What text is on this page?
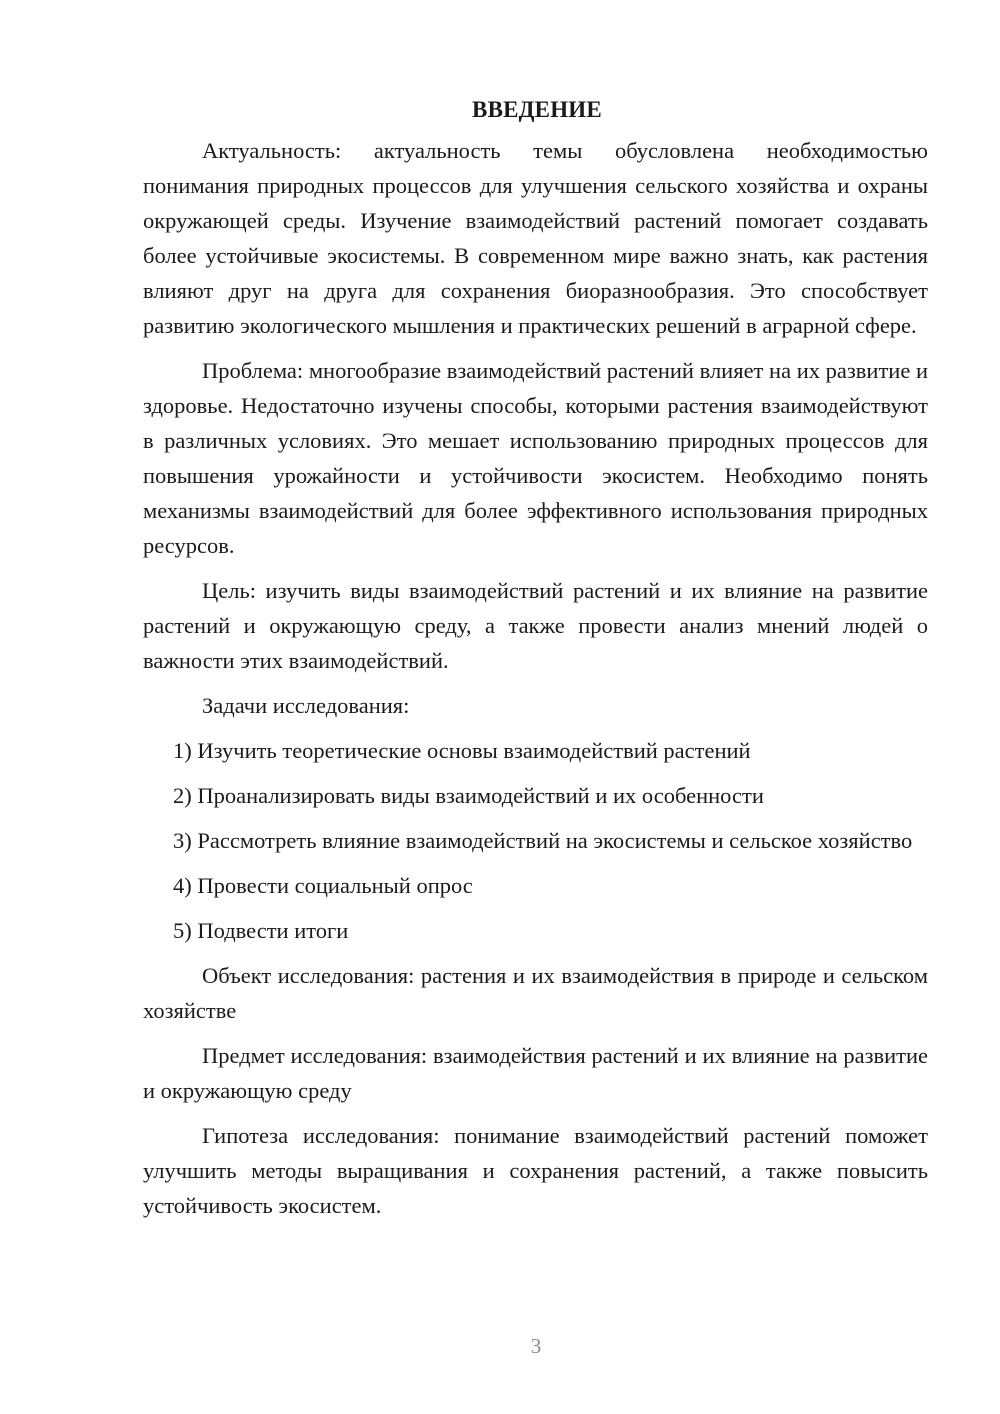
ВВЕДЕНИЕ

Актуальность: актуальность темы обусловлена необходимостью понимания природных процессов для улучшения сельского хозяйства и охраны окружающей среды. Изучение взаимодействий растений помогает создавать более устойчивые экосистемы. В современном мире важно знать, как растения влияют друг на друга для сохранения биоразнообразия. Это способствует развитию экологического мышления и практических решений в аграрной сфере.

Проблема: многообразие взаимодействий растений влияет на их развитие и здоровье. Недостаточно изучены способы, которыми растения взаимодействуют в различных условиях. Это мешает использованию природных процессов для повышения урожайности и устойчивости экосистем. Необходимо понять механизмы взаимодействий для более эффективного использования природных ресурсов.

Цель: изучить виды взаимодействий растений и их влияние на развитие растений и окружающую среду, а также провести анализ мнений людей о важности этих взаимодействий.

Задачи исследования:

1) Изучить теоретические основы взаимодействий растений

2) Проанализировать виды взаимодействий и их особенности

3) Рассмотреть влияние взаимодействий на экосистемы и сельское хозяйство

4) Провести социальный опрос

5) Подвести итоги

Объект исследования: растения и их взаимодействия в природе и сельском хозяйстве

Предмет исследования: взаимодействия растений и их влияние на развитие и окружающую среду

Гипотеза исследования: понимание взаимодействий растений поможет улучшить методы выращивания и сохранения растений, а также повысить устойчивость экосистем.

3
